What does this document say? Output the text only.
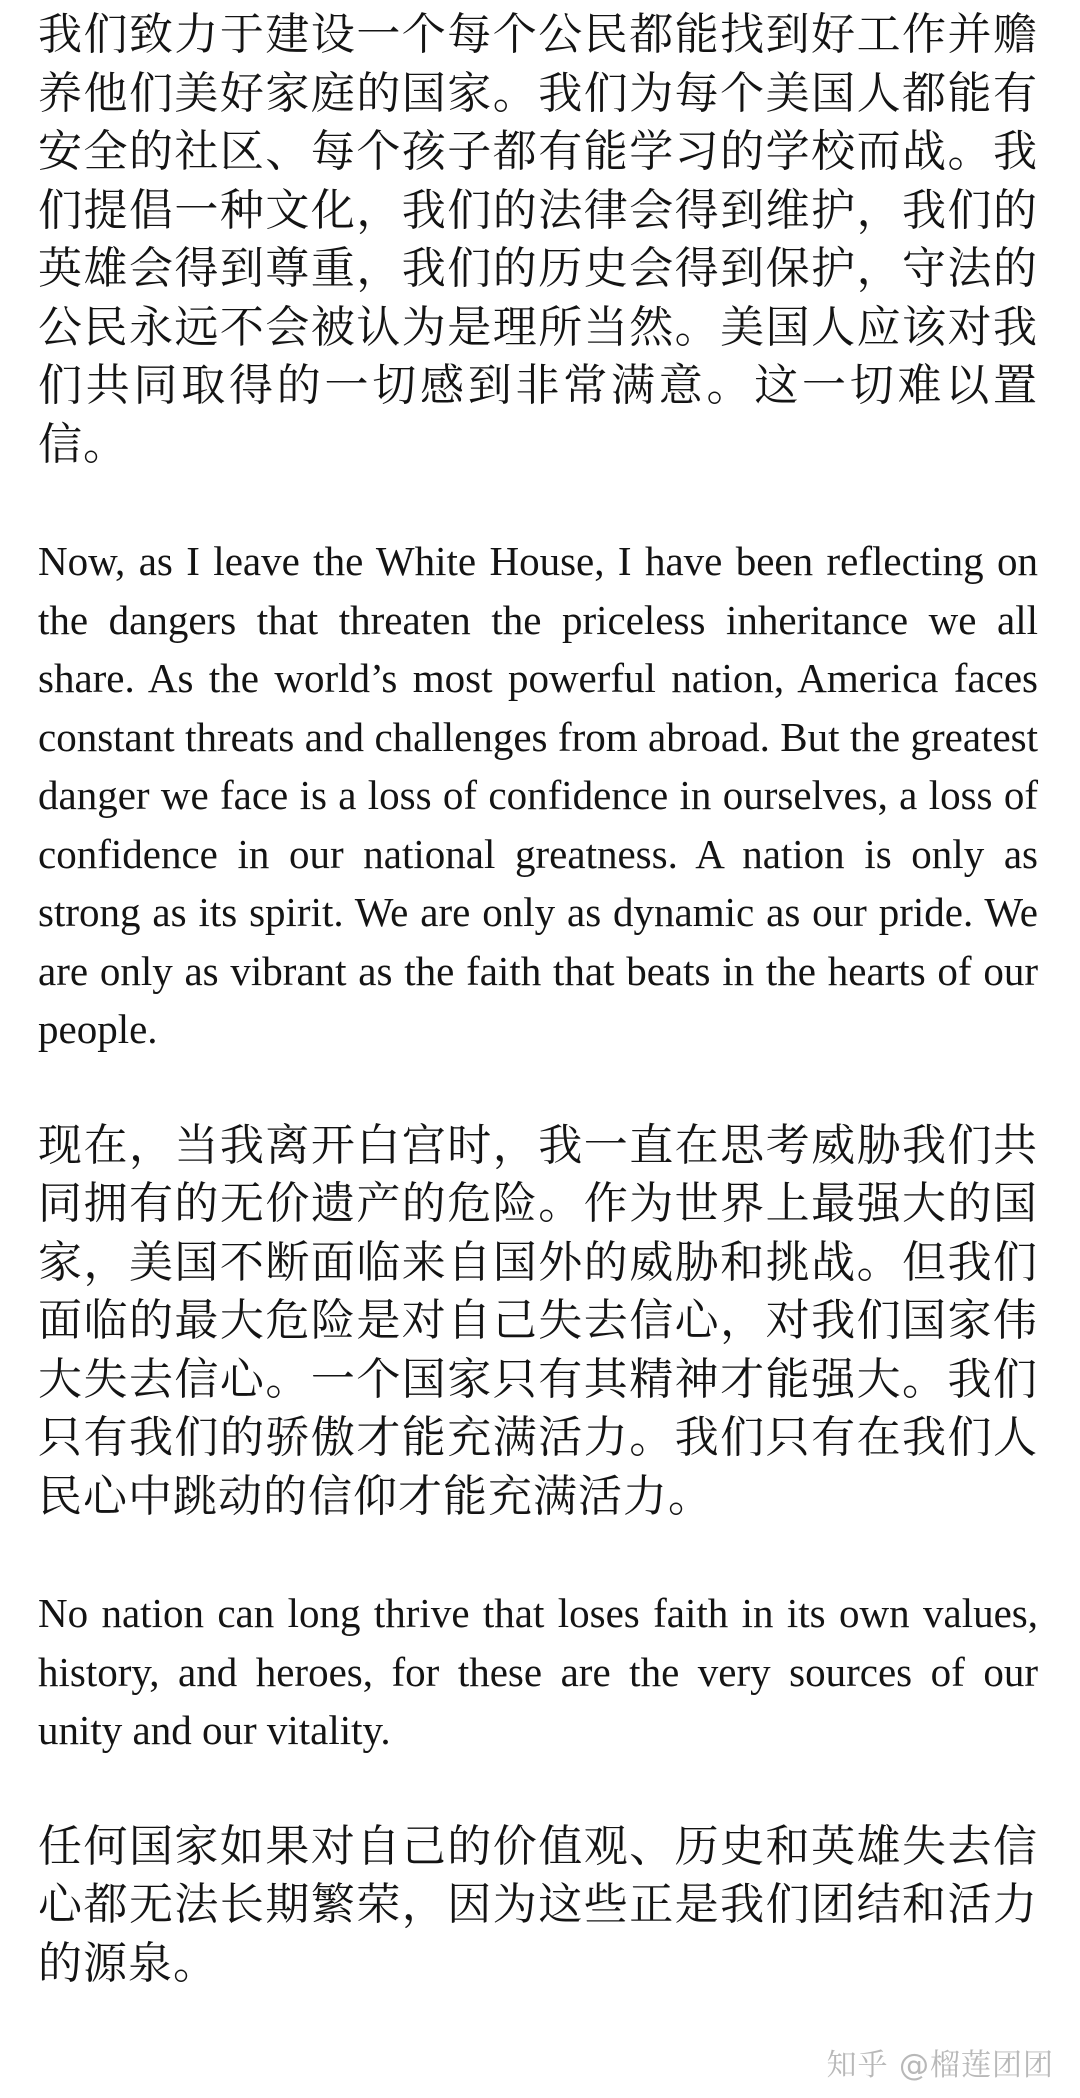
我们致力于建设一个每个公民都能找到好工作并赡养他们美好家庭的国家。我们为每个美国人都能有安全的社区、每个孩子都有能学习的学校而战。我们提倡一种文化，我们的法律会得到维护，我们的英雄会得到尊重，我们的历史会得到保护，守法的公民永远不会被认为是理所当然。美国人应该对我们共同取得的一切感到非常满意。这一切难以置信。

Now, as I leave the White House, I have been reflecting on the dangers that threaten the priceless inheritance we all share. As the world’s most powerful nation, America faces constant threats and challenges from abroad. But the greatest danger we face is a loss of confidence in ourselves, a loss of confidence in our national greatness. A nation is only as strong as its spirit. We are only as dynamic as our pride. We are only as vibrant as the faith that beats in the hearts of our people.

现在，当我离开白宫时，我一直在思考威胁我们共同拥有的无价遗产的危险。作为世界上最强大的国家，美国不断面临来自国外的威胁和挑战。但我们面临的最大危险是对自己失去信心，对我们国家伟大失去信心。一个国家只有其精神才能强大。我们只有我们的骄傲才能充满活力。我们只有在我们人民心中跳动的信仰才能充满活力。

No nation can long thrive that loses faith in its own values, history, and heroes, for these are the very sources of our unity and our vitality.

任何国家如果对自己的价值观、历史和英雄失去信心都无法长期繁荣，因为这些正是我们团结和活力的源泉。

知乎 @榴莲团团
